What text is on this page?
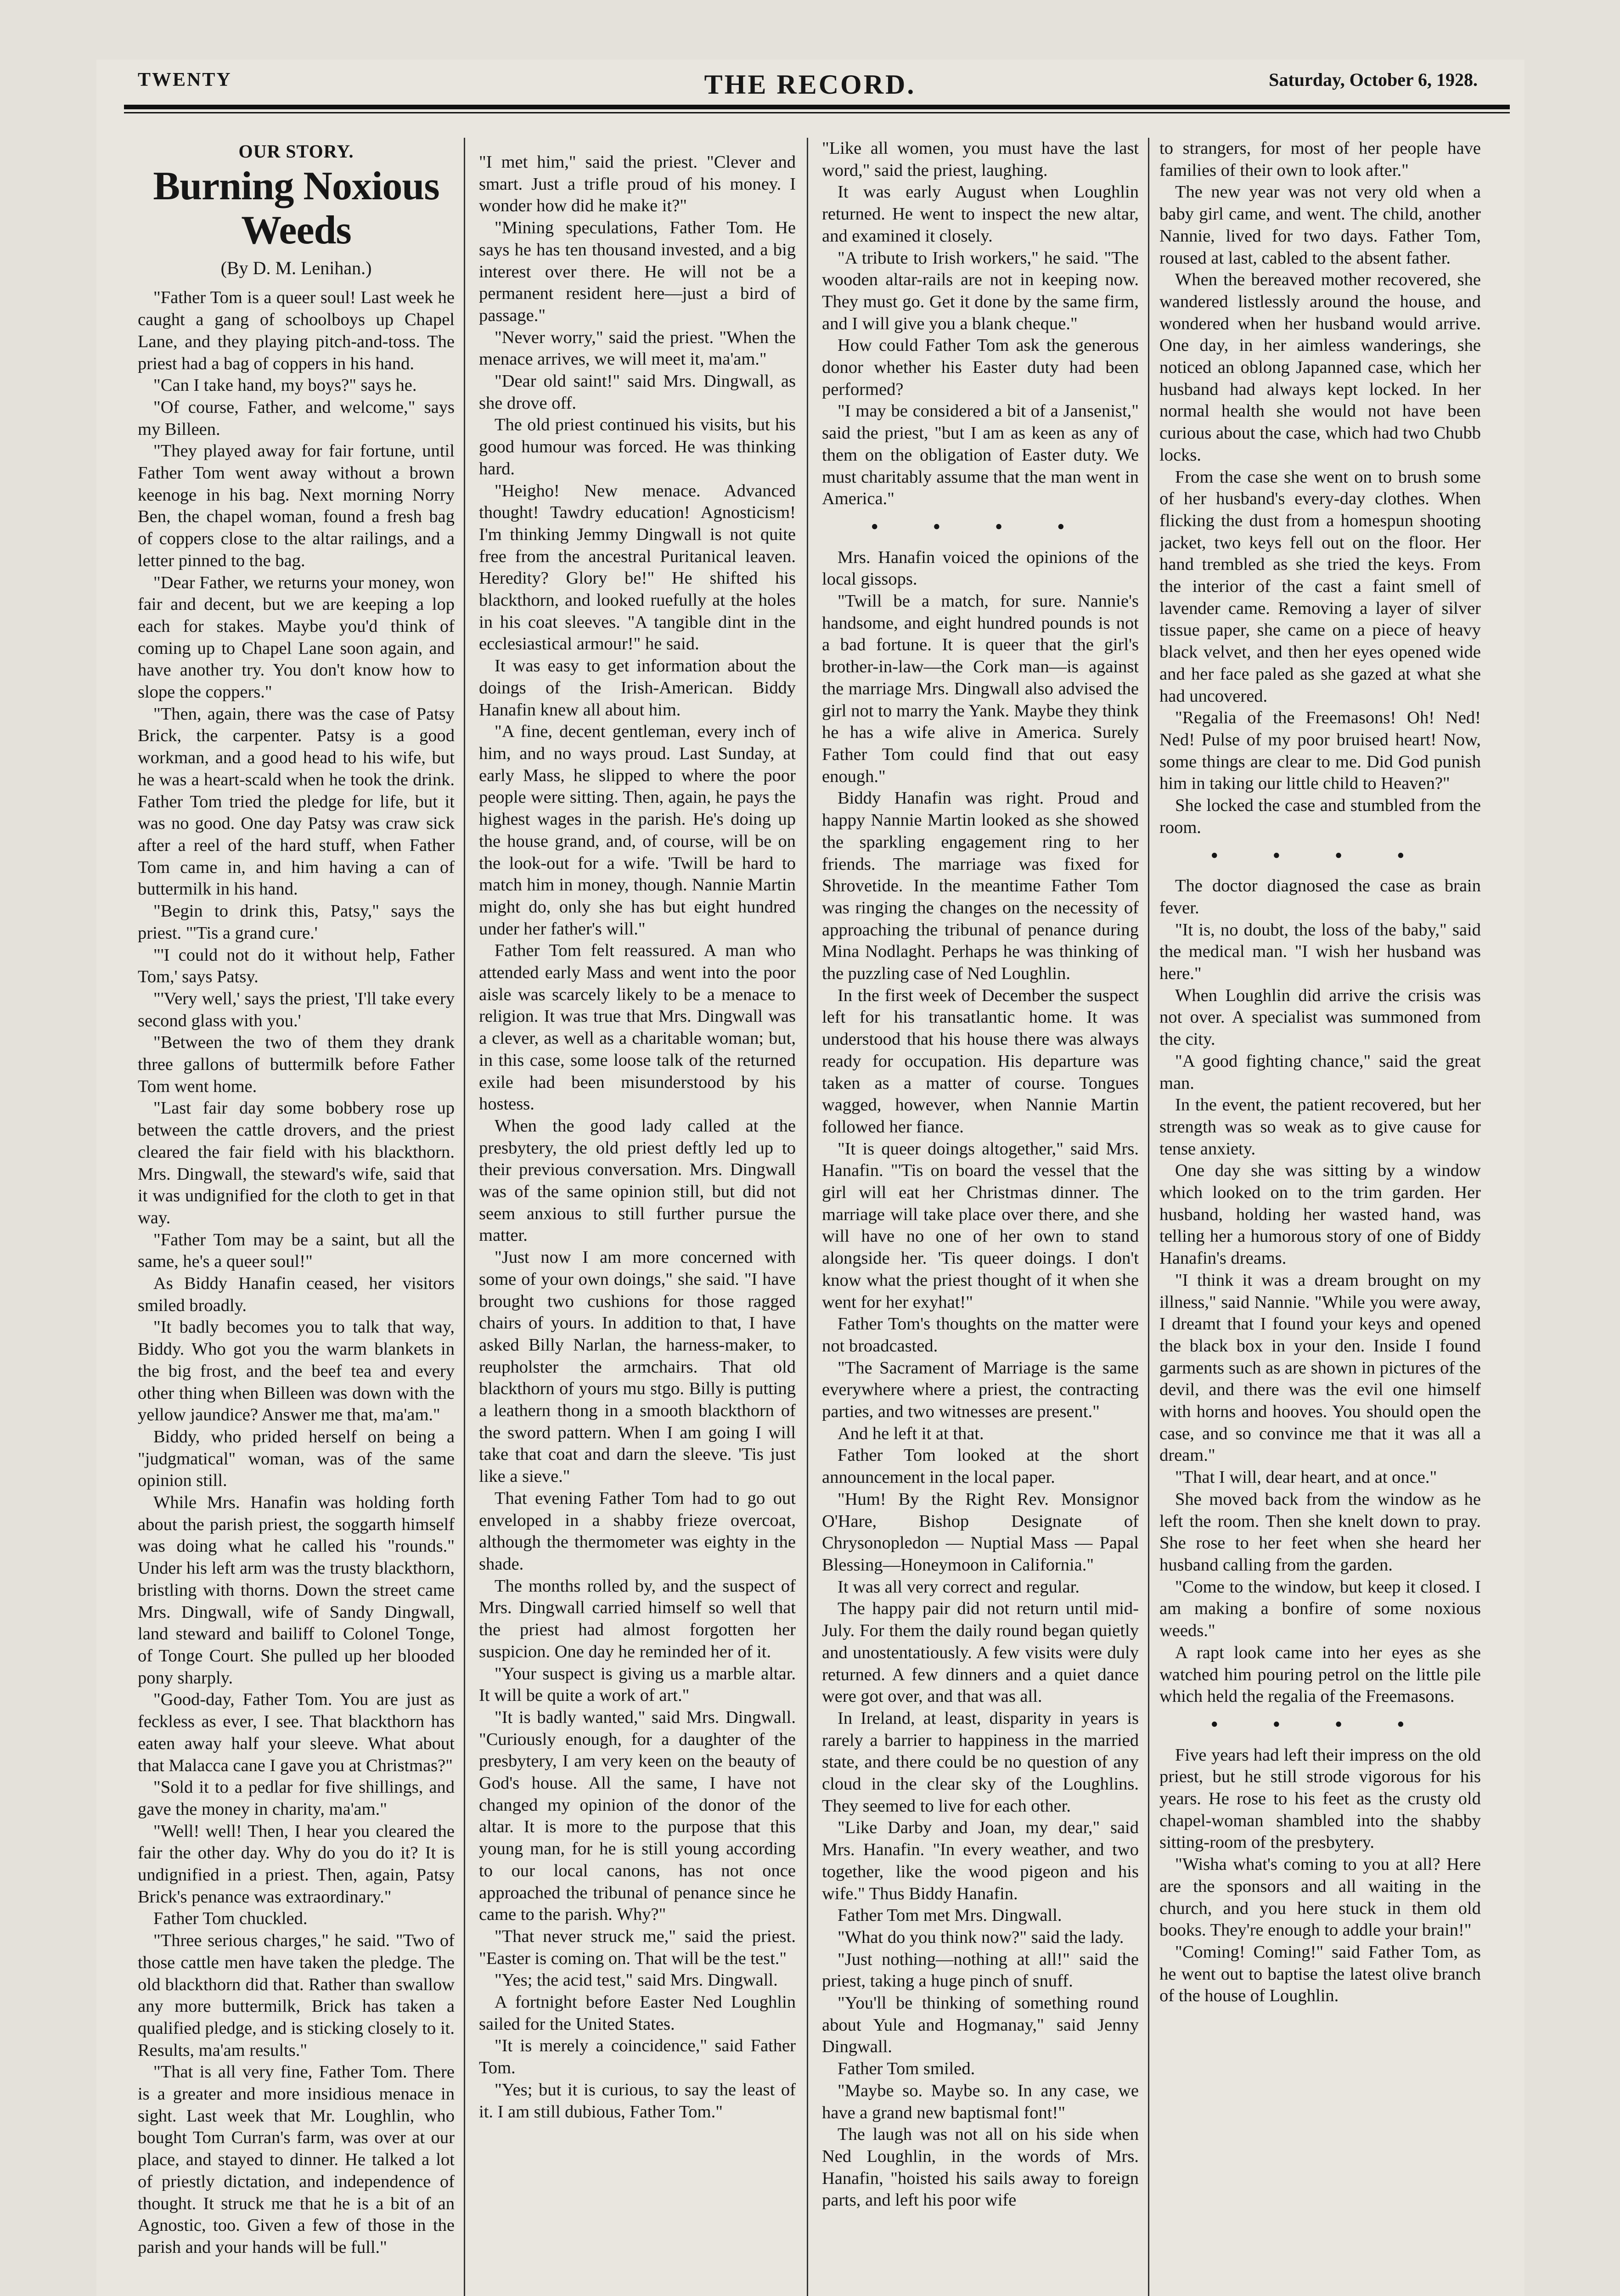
TWENTY	THE RECORD.	Saturday, October 6, 1928.
OUR STORY.
Burning Noxious Weeds
(By D. M. Lenihan.)

"Father Tom is a queer soul! Last week he caught a gang of schoolboys up Chapel Lane, and they playing pitch-and-toss. The priest had a bag of coppers in his hand.

"Can I take hand, my boys?" says he.

"Of course, Father, and welcome," says my Billeen.

"They played away for fair fortune, until Father Tom went away without a brown keenoge in his bag. Next morning Norry Ben, the chapel woman, found a fresh bag of coppers close to the altar railings, and a letter pinned to the bag.

"Dear Father, we returns your money, won fair and decent, but we are keeping a lop each for stakes. Maybe you'd think of coming up to Chapel Lane soon again, and have another try. You don't know how to slope the coppers."

"Then, again, there was the case of Patsy Brick, the carpenter. Patsy is a good workman, and a good head to his wife, but he was a heart-scald when he took the drink. Father Tom tried the pledge for life, but it was no good. One day Patsy was craw sick after a reel of the hard stuff, when Father Tom came in, and him having a can of buttermilk in his hand.

"Begin to drink this, Patsy," says the priest. "'Tis a grand cure.'

"'I could not do it without help, Father Tom,' says Patsy.

"'Very well,' says the priest, 'I'll take every second glass with you.'

"Between the two of them they drank three gallons of buttermilk before Father Tom went home.

"Last fair day some bobbery rose up between the cattle drovers, and the priest cleared the fair field with his blackthorn. Mrs. Dingwall, the steward's wife, said that it was undignified for the cloth to get in that way.

"Father Tom may be a saint, but all the same, he's a queer soul!"

As Biddy Hanafin ceased, her visitors smiled broadly.

"It badly becomes you to talk that way, Biddy. Who got you the warm blankets in the big frost, and the beef tea and every other thing when Billeen was down with the yellow jaundice? Answer me that, ma'am."

Biddy, who prided herself on being a "judgmatical" woman, was of the same opinion still.

While Mrs. Hanafin was holding forth about the parish priest, the soggarth himself was doing what he called his "rounds." Under his left arm was the trusty blackthorn, bristling with thorns. Down the street came Mrs. Dingwall, wife of Sandy Dingwall, land steward and bailiff to Colonel Tonge, of Tonge Court. She pulled up her blooded pony sharply.

"Good-day, Father Tom. You are just as feckless as ever, I see. That blackthorn has eaten away half your sleeve. What about that Malacca cane I gave you at Christmas?"

"Sold it to a pedlar for five shillings, and gave the money in charity, ma'am."

"Well! well! Then, I hear you cleared the fair the other day. Why do you do it? It is undignified in a priest. Then, again, Patsy Brick's penance was extraordinary."

Father Tom chuckled.

"Three serious charges," he said. "Two of those cattle men have taken the pledge. The old blackthorn did that. Rather than swallow any more buttermilk, Brick has taken a qualified pledge, and is sticking closely to it. Results, ma'am results."

"That is all very fine, Father Tom. There is a greater and more insidious menace in sight. Last week that Mr. Loughlin, who bought Tom Curran's farm, was over at our place, and stayed to dinner. He talked a lot of priestly dictation, and independence of thought. It struck me that he is a bit of an Agnostic, too. Given a few of those in the parish and your hands will be full."

"I met him," said the priest. "Clever and smart. Just a trifle proud of his money. I wonder how did he make it?"

"Mining speculations, Father Tom. He says he has ten thousand invested, and a big interest over there. He will not be a permanent resident here—just a bird of passage."

"Never worry," said the priest. "When the menace arrives, we will meet it, ma'am."

"Dear old saint!" said Mrs. Dingwall, as she drove off.

The old priest continued his visits, but his good humour was forced. He was thinking hard.

"Heigho! New menace. Advanced thought! Tawdry education! Agnosticism! I'm thinking Jemmy Dingwall is not quite free from the ancestral Puritanical leaven. Heredity? Glory be!" He shifted his blackthorn, and looked ruefully at the holes in his coat sleeves. "A tangible dint in the ecclesiastical armour!" he said.

It was easy to get information about the doings of the Irish-American. Biddy Hanafin knew all about him.

"A fine, decent gentleman, every inch of him, and no ways proud. Last Sunday, at early Mass, he slipped to where the poor people were sitting. Then, again, he pays the highest wages in the parish. He's doing up the house grand, and, of course, will be on the look-out for a wife. 'Twill be hard to match him in money, though. Nannie Martin might do, only she has but eight hundred under her father's will."

Father Tom felt reassured. A man who attended early Mass and went into the poor aisle was scarcely likely to be a menace to religion. It was true that Mrs. Dingwall was a clever, as well as a charitable woman; but, in this case, some loose talk of the returned exile had been misunderstood by his hostess.

When the good lady called at the presbytery, the old priest deftly led up to their previous conversation. Mrs. Dingwall was of the same opinion still, but did not seem anxious to still further pursue the matter.

"Just now I am more concerned with some of your own doings," she said. "I have brought two cushions for those ragged chairs of yours. In addition to that, I have asked Billy Narlan, the harness-maker, to reupholster the armchairs. That old blackthorn of yours mu stgo. Billy is putting a leathern thong in a smooth blackthorn of the sword pattern. When I am going I will take that coat and darn the sleeve. 'Tis just like a sieve."

That evening Father Tom had to go out enveloped in a shabby frieze overcoat, although the thermometer was eighty in the shade.

The months rolled by, and the suspect of Mrs. Dingwall carried himself so well that the priest had almost forgotten her suspicion. One day he reminded her of it.

"Your suspect is giving us a marble altar. It will be quite a work of art."

"It is badly wanted," said Mrs. Dingwall. "Curiously enough, for a daughter of the presbytery, I am very keen on the beauty of God's house. All the same, I have not changed my opinion of the donor of the altar. It is more to the purpose that this young man, for he is still young according to our local canons, has not once approached the tribunal of penance since he came to the parish. Why?"

"That never struck me," said the priest. "Easter is coming on. That will be the test."

"Yes; the acid test," said Mrs. Dingwall.

A fortnight before Easter Ned Loughlin sailed for the United States.

"It is merely a coincidence," said Father Tom.

"Yes; but it is curious, to say the least of it. I am still dubious, Father Tom."

"Like all women, you must have the last word," said the priest, laughing.

It was early August when Loughlin returned. He went to inspect the new altar, and examined it closely.

"A tribute to Irish workers," he said. "The wooden altar-rails are not in keeping now. They must go. Get it done by the same firm, and I will give you a blank cheque."

How could Father Tom ask the generous donor whether his Easter duty had been performed?

"I may be considered a bit of a Jansenist," said the priest, "but I am as keen as any of them on the obligation of Easter duty. We must charitably assume that the man went in America."

• • • •

Mrs. Hanafin voiced the opinions of the local gissops.

"Twill be a match, for sure. Nannie's handsome, and eight hundred pounds is not a bad fortune. It is queer that the girl's brother-in-law—the Cork man—is against the marriage Mrs. Dingwall also advised the girl not to marry the Yank. Maybe they think he has a wife alive in America. Surely Father Tom could find that out easy enough."

Biddy Hanafin was right. Proud and happy Nannie Martin looked as she showed the sparkling engagement ring to her friends. The marriage was fixed for Shrovetide. In the meantime Father Tom was ringing the changes on the necessity of approaching the tribunal of penance during Mina Nodlaght. Perhaps he was thinking of the puzzling case of Ned Loughlin.

In the first week of December the suspect left for his transatlantic home. It was understood that his house there was always ready for occupation. His departure was taken as a matter of course. Tongues wagged, however, when Nannie Martin followed her fiance.

"It is queer doings altogether," said Mrs. Hanafin. "'Tis on board the vessel that the girl will eat her Christmas dinner. The marriage will take place over there, and she will have no one of her own to stand alongside her. 'Tis queer doings. I don't know what the priest thought of it when she went for her exyhat!"

Father Tom's thoughts on the matter were not broadcasted.

"The Sacrament of Marriage is the same everywhere where a priest, the contracting parties, and two witnesses are present."

And he left it at that.

Father Tom looked at the short announcement in the local paper.

"Hum! By the Right Rev. Monsignor O'Hare, Bishop Designate of Chrysonopledon — Nuptial Mass — Papal Blessing—Honeymoon in California."

It was all very correct and regular.

The happy pair did not return until mid-July. For them the daily round began quietly and unostentatiously. A few visits were duly returned. A few dinners and a quiet dance were got over, and that was all.

In Ireland, at least, disparity in years is rarely a barrier to happiness in the married state, and there could be no question of any cloud in the clear sky of the Loughlins. They seemed to live for each other.

"Like Darby and Joan, my dear," said Mrs. Hanafin. "In every weather, and two together, like the wood pigeon and his wife." Thus Biddy Hanafin.

Father Tom met Mrs. Dingwall.

"What do you think now?" said the lady.

"Just nothing—nothing at all!" said the priest, taking a huge pinch of snuff.

"You'll be thinking of something round about Yule and Hogmanay," said Jenny Dingwall.

Father Tom smiled.

"Maybe so. Maybe so. In any case, we have a grand new baptismal font!"

The laugh was not all on his side when Ned Loughlin, in the words of Mrs. Hanafin, "hoisted his sails away to foreign parts, and left his poor wife

to strangers, for most of her people have families of their own to look after."

The new year was not very old when a baby girl came, and went. The child, another Nannie, lived for two days. Father Tom, roused at last, cabled to the absent father.

When the bereaved mother recovered, she wandered listlessly around the house, and wondered when her husband would arrive. One day, in her aimless wanderings, she noticed an oblong Japanned case, which her husband had always kept locked. In her normal health she would not have been curious about the case, which had two Chubb locks.

From the case she went on to brush some of her husband's every-day clothes. When flicking the dust from a homespun shooting jacket, two keys fell out on the floor. Her hand trembled as she tried the keys. From the interior of the cast a faint smell of lavender came. Removing a layer of silver tissue paper, she came on a piece of heavy black velvet, and then her eyes opened wide and her face paled as she gazed at what she had uncovered.

"Regalia of the Freemasons! Oh! Ned! Ned! Pulse of my poor bruised heart! Now, some things are clear to me. Did God punish him in taking our little child to Heaven?"

She locked the case and stumbled from the room.

• • • •

The doctor diagnosed the case as brain fever.

"It is, no doubt, the loss of the baby," said the medical man. "I wish her husband was here."

When Loughlin did arrive the crisis was not over. A specialist was summoned from the city.

"A good fighting chance," said the great man.

In the event, the patient recovered, but her strength was so weak as to give cause for tense anxiety.

One day she was sitting by a window which looked on to the trim garden. Her husband, holding her wasted hand, was telling her a humorous story of one of Biddy Hanafin's dreams.

"I think it was a dream brought on my illness," said Nannie. "While you were away, I dreamt that I found your keys and opened the black box in your den. Inside I found garments such as are shown in pictures of the devil, and there was the evil one himself with horns and hooves. You should open the case, and so convince me that it was all a dream."

"That I will, dear heart, and at once."

She moved back from the window as he left the room. Then she knelt down to pray. She rose to her feet when she heard her husband calling from the garden.

"Come to the window, but keep it closed. I am making a bonfire of some noxious weeds."

A rapt look came into her eyes as she watched him pouring petrol on the little pile which held the regalia of the Freemasons.

• • • •

Five years had left their impress on the old priest, but he still strode vigorous for his years. He rose to his feet as the crusty old chapel-woman shambled into the shabby sitting-room of the presbytery.

"Wisha what's coming to you at all? Here are the sponsors and all waiting in the church, and you here stuck in them old books. They're enough to addle your brain!"

"Coming! Coming!" said Father Tom, as he went out to baptise the latest olive branch of the house of Loughlin.
